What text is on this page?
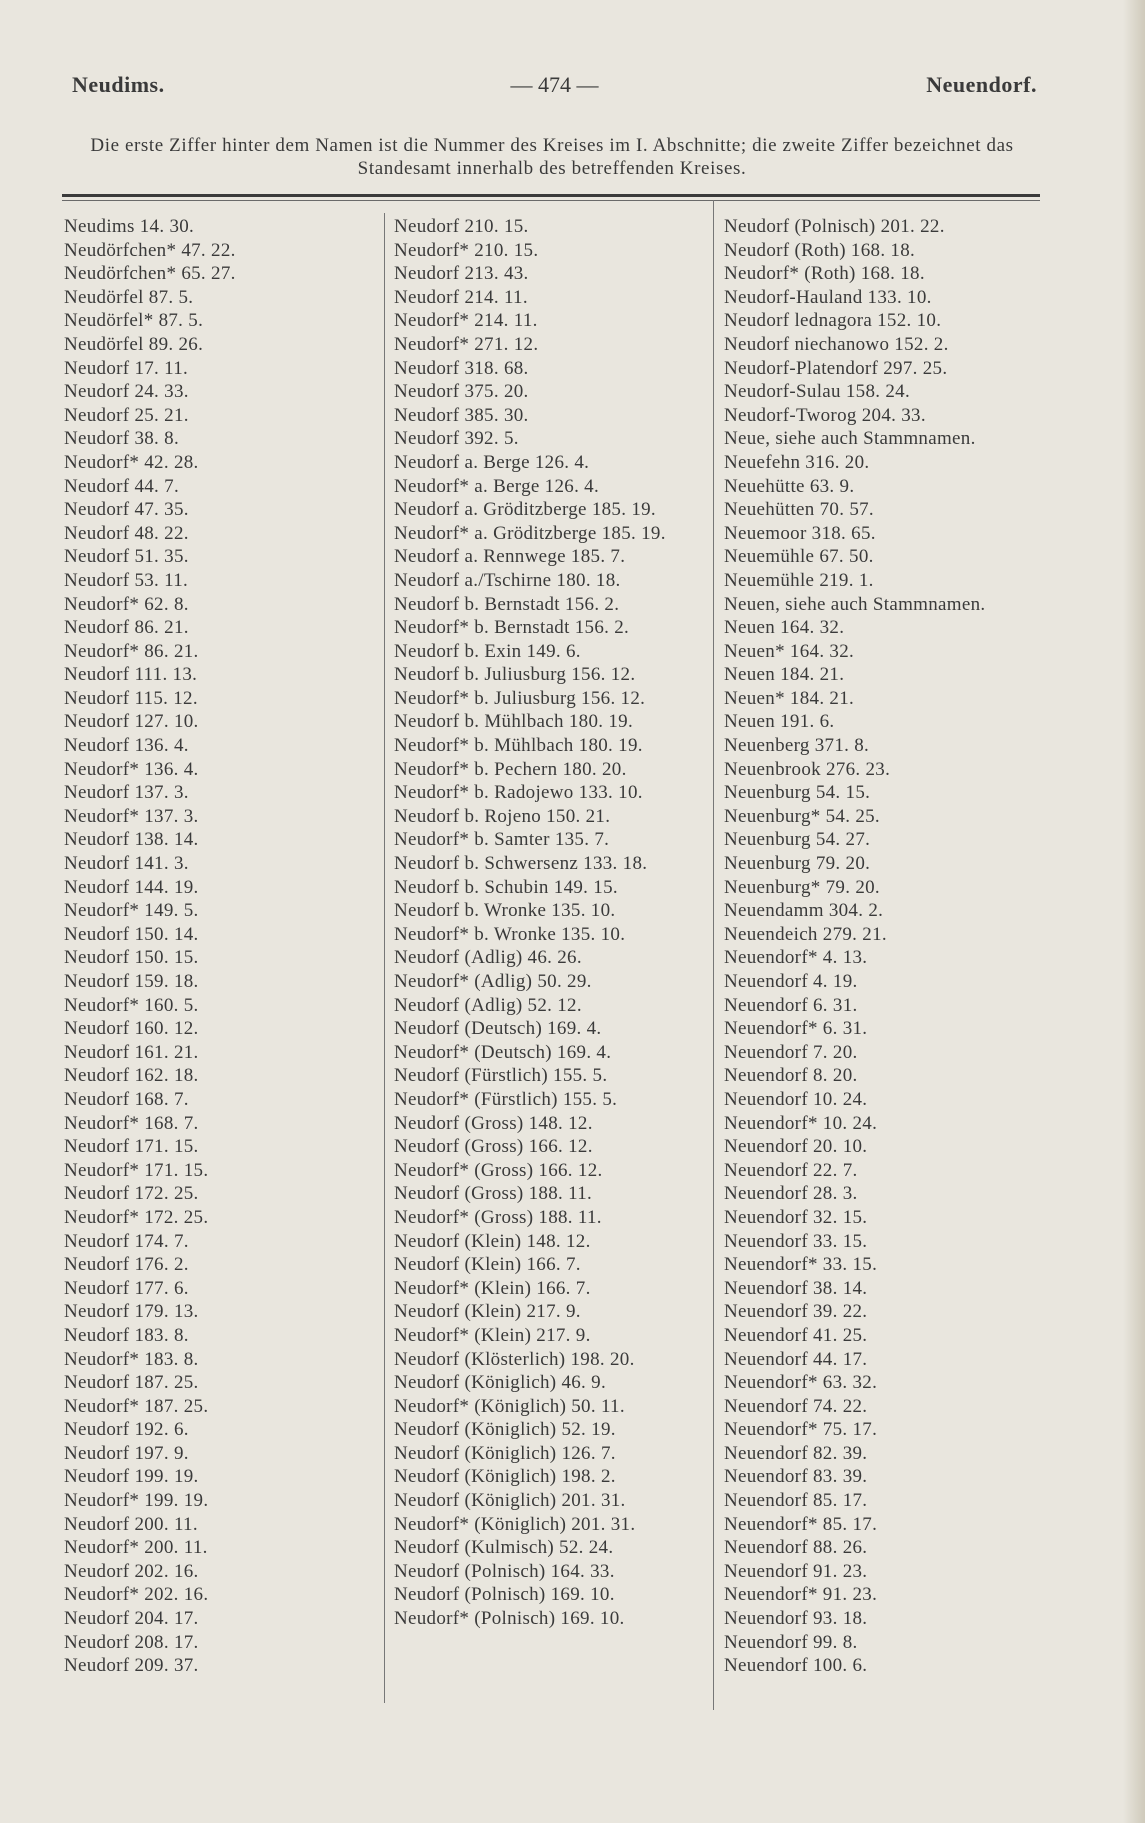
Neudims.	— 474 —	Neuendorf.
Die erste Ziffer hinter dem Namen ist die Nummer des Kreises im I. Abschnitte; die zweite Ziffer bezeichnet das Standesamt innerhalb des betreffenden Kreises.
Neudims 14. 30.
Neudörfchen* 47. 22.
Neudörfchen* 65. 27.
Neudörfel 87. 5.
Neudörfel* 87. 5.
Neudörfel 89. 26.
Neudorf 17. 11.
Neudorf 24. 33.
Neudorf 25. 21.
Neudorf 38. 8.
Neudorf* 42. 28.
Neudorf 44. 7.
Neudorf 47. 35.
Neudorf 48. 22.
Neudorf 51. 35.
Neudorf 53. 11.
Neudorf* 62. 8.
Neudorf 86. 21.
Neudorf* 86. 21.
Neudorf 111. 13.
Neudorf 115. 12.
Neudorf 127. 10.
Neudorf 136. 4.
Neudorf* 136. 4.
Neudorf 137. 3.
Neudorf* 137. 3.
Neudorf 138. 14.
Neudorf 141. 3.
Neudorf 144. 19.
Neudorf* 149. 5.
Neudorf 150. 14.
Neudorf 150. 15.
Neudorf 159. 18.
Neudorf* 160. 5.
Neudorf 160. 12.
Neudorf 161. 21.
Neudorf 162. 18.
Neudorf 168. 7.
Neudorf* 168. 7.
Neudorf 171. 15.
Neudorf* 171. 15.
Neudorf 172. 25.
Neudorf* 172. 25.
Neudorf 174. 7.
Neudorf 176. 2.
Neudorf 177. 6.
Neudorf 179. 13.
Neudorf 183. 8.
Neudorf* 183. 8.
Neudorf 187. 25.
Neudorf* 187. 25.
Neudorf 192. 6.
Neudorf 197. 9.
Neudorf 199. 19.
Neudorf* 199. 19.
Neudorf 200. 11.
Neudorf* 200. 11.
Neudorf 202. 16.
Neudorf* 202. 16.
Neudorf 204. 17.
Neudorf 208. 17.
Neudorf 209. 37.
Neudorf 210. 15.
Neudorf* 210. 15.
Neudorf 213. 43.
Neudorf 214. 11.
Neudorf* 214. 11.
Neudorf* 271. 12.
Neudorf 318. 68.
Neudorf 375. 20.
Neudorf 385. 30.
Neudorf 392. 5.
Neudorf a. Berge 126. 4.
Neudorf* a. Berge 126. 4.
Neudorf a. Gröditzberge 185. 19.
Neudorf* a. Gröditzberge 185. 19.
Neudorf a. Rennwege 185. 7.
Neudorf a./Tschirne 180. 18.
Neudorf b. Bernstadt 156. 2.
Neudorf* b. Bernstadt 156. 2.
Neudorf b. Exin 149. 6.
Neudorf b. Juliusburg 156. 12.
Neudorf* b. Juliusburg 156. 12.
Neudorf b. Mühlbach 180. 19.
Neudorf* b. Mühlbach 180. 19.
Neudorf* b. Pechern 180. 20.
Neudorf* b. Radojewo 133. 10.
Neudorf b. Rojeno 150. 21.
Neudorf* b. Samter 135. 7.
Neudorf b. Schwersenz 133. 18.
Neudorf b. Schubin 149. 15.
Neudorf b. Wronke 135. 10.
Neudorf* b. Wronke 135. 10.
Neudorf (Adlig) 46. 26.
Neudorf* (Adlig) 50. 29.
Neudorf (Adlig) 52. 12.
Neudorf (Deutsch) 169. 4.
Neudorf* (Deutsch) 169. 4.
Neudorf (Fürstlich) 155. 5.
Neudorf* (Fürstlich) 155. 5.
Neudorf (Gross) 148. 12.
Neudorf (Gross) 166. 12.
Neudorf* (Gross) 166. 12.
Neudorf (Gross) 188. 11.
Neudorf* (Gross) 188. 11.
Neudorf (Klein) 148. 12.
Neudorf (Klein) 166. 7.
Neudorf* (Klein) 166. 7.
Neudorf (Klein) 217. 9.
Neudorf* (Klein) 217. 9.
Neudorf (Klösterlich) 198. 20.
Neudorf (Königlich) 46. 9.
Neudorf* (Königlich) 50. 11.
Neudorf (Königlich) 52. 19.
Neudorf (Königlich) 126. 7.
Neudorf (Königlich) 198. 2.
Neudorf (Königlich) 201. 31.
Neudorf* (Königlich) 201. 31.
Neudorf (Kulmisch) 52. 24.
Neudorf (Polnisch) 164. 33.
Neudorf (Polnisch) 169. 10.
Neudorf* (Polnisch) 169. 10.
Neudorf (Polnisch) 201. 22.
Neudorf (Roth) 168. 18.
Neudorf* (Roth) 168. 18.
Neudorf-Hauland 133. 10.
Neudorf lednagora 152. 10.
Neudorf niechanowo 152. 2.
Neudorf-Platendorf 297. 25.
Neudorf-Sulau 158. 24.
Neudorf-Tworog 204. 33.
Neue, siehe auch Stammnamen.
Neuefehn 316. 20.
Neuehütte 63. 9.
Neuehütten 70. 57.
Neuemoor 318. 65.
Neuemühle 67. 50.
Neuemühle 219. 1.
Neuen, siehe auch Stammnamen.
Neuen 164. 32.
Neuen* 164. 32.
Neuen 184. 21.
Neuen* 184. 21.
Neuen 191. 6.
Neuenberg 371. 8.
Neuenbrook 276. 23.
Neuenburg 54. 15.
Neuenburg* 54. 25.
Neuenburg 54. 27.
Neuenburg 79. 20.
Neuenburg* 79. 20.
Neuendamm 304. 2.
Neuendeich 279. 21.
Neuendorf* 4. 13.
Neuendorf 4. 19.
Neuendorf 6. 31.
Neuendorf* 6. 31.
Neuendorf 7. 20.
Neuendorf 8. 20.
Neuendorf 10. 24.
Neuendorf* 10. 24.
Neuendorf 20. 10.
Neuendorf 22. 7.
Neuendorf 28. 3.
Neuendorf 32. 15.
Neuendorf 33. 15.
Neuendorf* 33. 15.
Neuendorf 38. 14.
Neuendorf 39. 22.
Neuendorf 41. 25.
Neuendorf 44. 17.
Neuendorf* 63. 32.
Neuendorf 74. 22.
Neuendorf* 75. 17.
Neuendorf 82. 39.
Neuendorf 83. 39.
Neuendorf 85. 17.
Neuendorf* 85. 17.
Neuendorf 88. 26.
Neuendorf 91. 23.
Neuendorf* 91. 23.
Neuendorf 93. 18.
Neuendorf 99. 8.
Neuendorf 100. 6.
